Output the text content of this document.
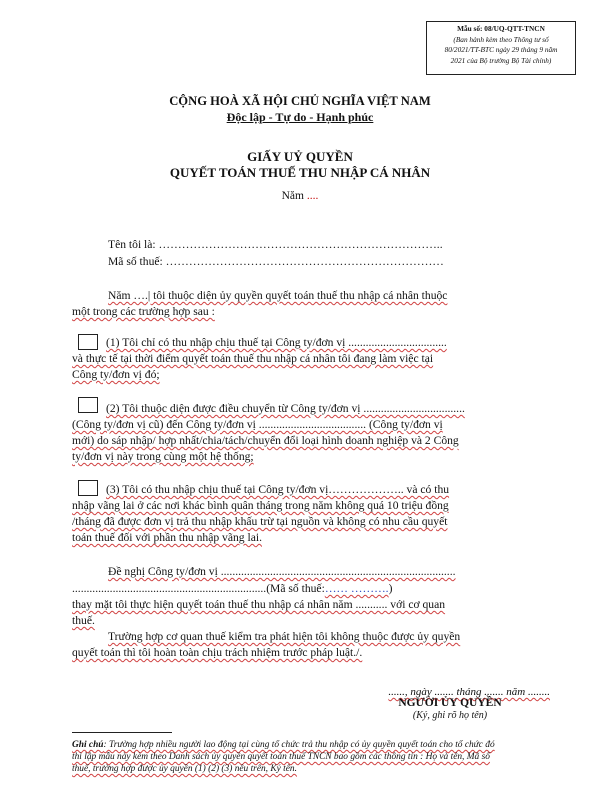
Mẫu số: 08/UQ-QTT-TNCN
(Ban hành kèm theo Thông tư số
80/2021/TT-BTC ngày 29 tháng 9 năm
2021 của Bộ trưởng Bộ Tài chính)
CỘNG HOÀ XÃ HỘI CHỦ NGHĨA VIỆT NAM
Độc lập - Tự do - Hạnh phúc
GIẤY UỶ QUYỀN
QUYẾT TOÁN THUẾ THU NHẬP CÁ NHÂN
Năm ....
Tên tôi là: ………………………………………………………………..
Mã số thuế: ………………………………………………………………
Năm ….| tôi thuộc diện ủy quyền quyết toán thuế thu nhập cá nhân thuộc
một trong các trường hợp sau :
(1) Tôi chỉ có thu nhập chịu thuế tại Công ty/đơn vị ..................................
và thực tế tại thời điểm quyết toán thuế thu nhập cá nhân tôi đang làm việc tại
Công ty/đơn vị đó;
(2) Tôi thuộc diện được điều chuyển từ Công ty/đơn vị ...................................
(Công ty/đơn vị cũ) đến Công ty/đơn vị ..................................... (Công ty/đơn vị
mới) do sáp nhập/ hợp nhất/chia/tách/chuyển đổi loại hình doanh nghiệp và 2 Công
ty/đơn vị này trong cùng một hệ thống;
(3) Tôi có thu nhập chịu thuế tại Công ty/đơn vị……………….. và có thu
nhập vãng lai ở các nơi khác bình quân tháng trong năm không quá 10 triệu đồng
/tháng đã được đơn vị trả thu nhập khấu trừ tại nguồn và không có nhu cầu quyết
toán thuế đối với phần thu nhập vãng lai.
Đề nghị Công ty/đơn vị .................................................................................
...................................................................(Mã số thuế:…… ……….)
thay mặt tôi thực hiện quyết toán thuế thu nhập cá nhân năm ........... với cơ quan
thuế.
Trường hợp cơ quan thuế kiểm tra phát hiện tôi không thuộc được ủy quyền
quyết toán thì tôi hoàn toàn chịu trách nhiệm trước pháp luật./.
......, ngày ....... tháng ....... năm ........
NGƯỜI ỦY QUYỀN
(Ký, ghi rõ họ tên)
Ghi chú: Trường hợp nhiều người lao động tại cùng tổ chức trả thu nhập có ủy quyền quyết toán cho tổ chức đó
thì lập mẫu này kèm theo Danh sách ủy quyền quyết toán thuế TNCN bao gồm các thông tin : Họ và tên, Mã số
thuế, trường hợp được ủy quyền (1) (2) (3) nêu trên, Ký tên.
